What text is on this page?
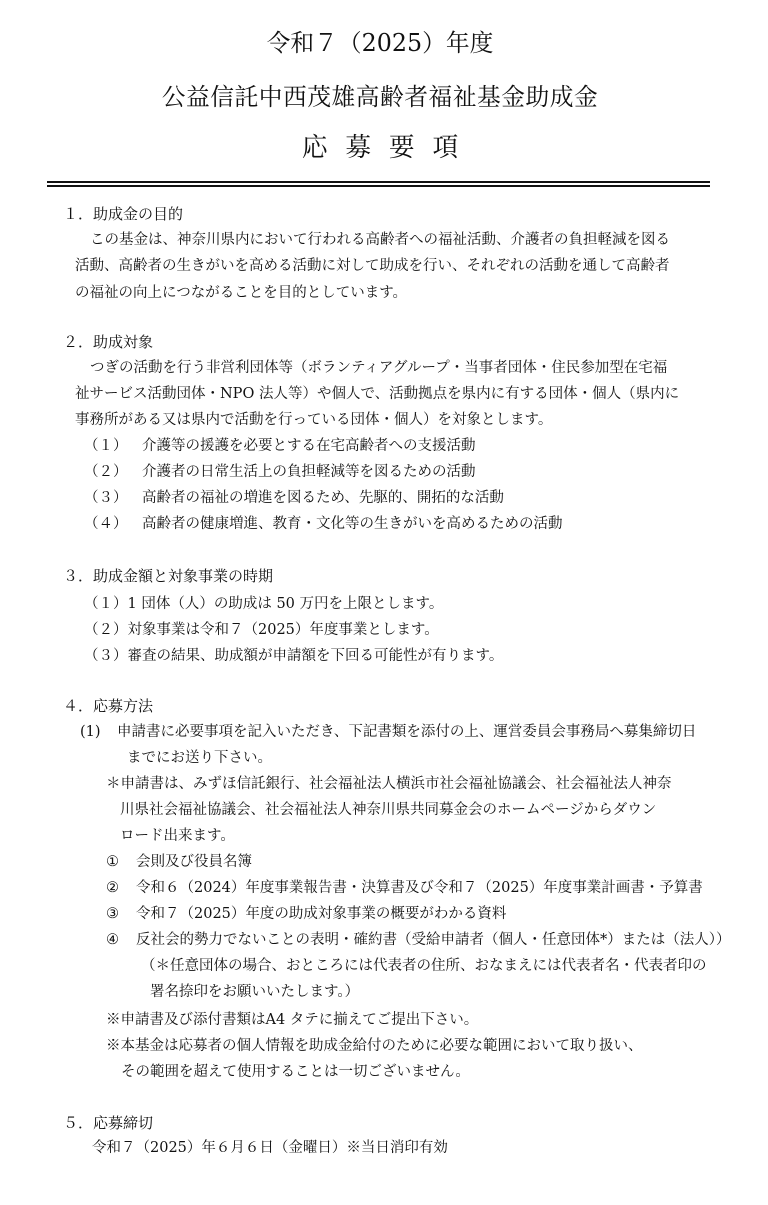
令和７（2025）年度
公益信託中西茂雄高齢者福祉基金助成金
応募要項
１．助成金の目的
この基金は、神奈川県内において行われる高齢者への福祉活動、介護者の負担軽減を図る
活動、高齢者の生きがいを高める活動に対して助成を行い、それぞれの活動を通して高齢者
の福祉の向上につながることを目的としています。
２．助成対象
つぎの活動を行う非営利団体等（ボランティアグループ・当事者団体・住民参加型在宅福
祉サービス活動団体・NPO 法人等）や個人で、活動拠点を県内に有する団体・個人（県内に
事務所がある又は県内で活動を行っている団体・個人）を対象とします。
（１） 介護等の援護を必要とする在宅高齢者への支援活動
（２） 介護者の日常生活上の負担軽減等を図るための活動
（３） 高齢者の福祉の増進を図るため、先駆的、開拓的な活動
（４） 高齢者の健康増進、教育・文化等の生きがいを高めるための活動
３．助成金額と対象事業の時期
（１）1 団体（人）の助成は 50 万円を上限とします。
（２）対象事業は令和７（2025）年度事業とします。
（３）審査の結果、助成額が申請額を下回る可能性が有ります。
４．応募方法
(1) 申請書に必要事項を記入いただき、下記書類を添付の上、運営委員会事務局へ募集締切日
までにお送り下さい。
＊申請書は、みずほ信託銀行、社会福祉法人横浜市社会福祉協議会、社会福祉法人神奈
川県社会福祉協議会、社会福祉法人神奈川県共同募金会のホームページからダウン
ロード出来ます。
① 会則及び役員名簿
② 令和６（2024）年度事業報告書・決算書及び令和７（2025）年度事業計画書・予算書
③ 令和７（2025）年度の助成対象事業の概要がわかる資料
④ 反社会的勢力でないことの表明・確約書（受給申請者（個人・任意団体*）または（法人））
（＊任意団体の場合、おところには代表者の住所、おなまえには代表者名・代表者印の
署名捺印をお願いいたします。）
※申請書及び添付書類はA4 タテに揃えてご提出下さい。
※本基金は応募者の個人情報を助成金給付のために必要な範囲において取り扱い、
その範囲を超えて使用することは一切ございません。
５．応募締切
令和７（2025）年６月６日（金曜日）※当日消印有効
